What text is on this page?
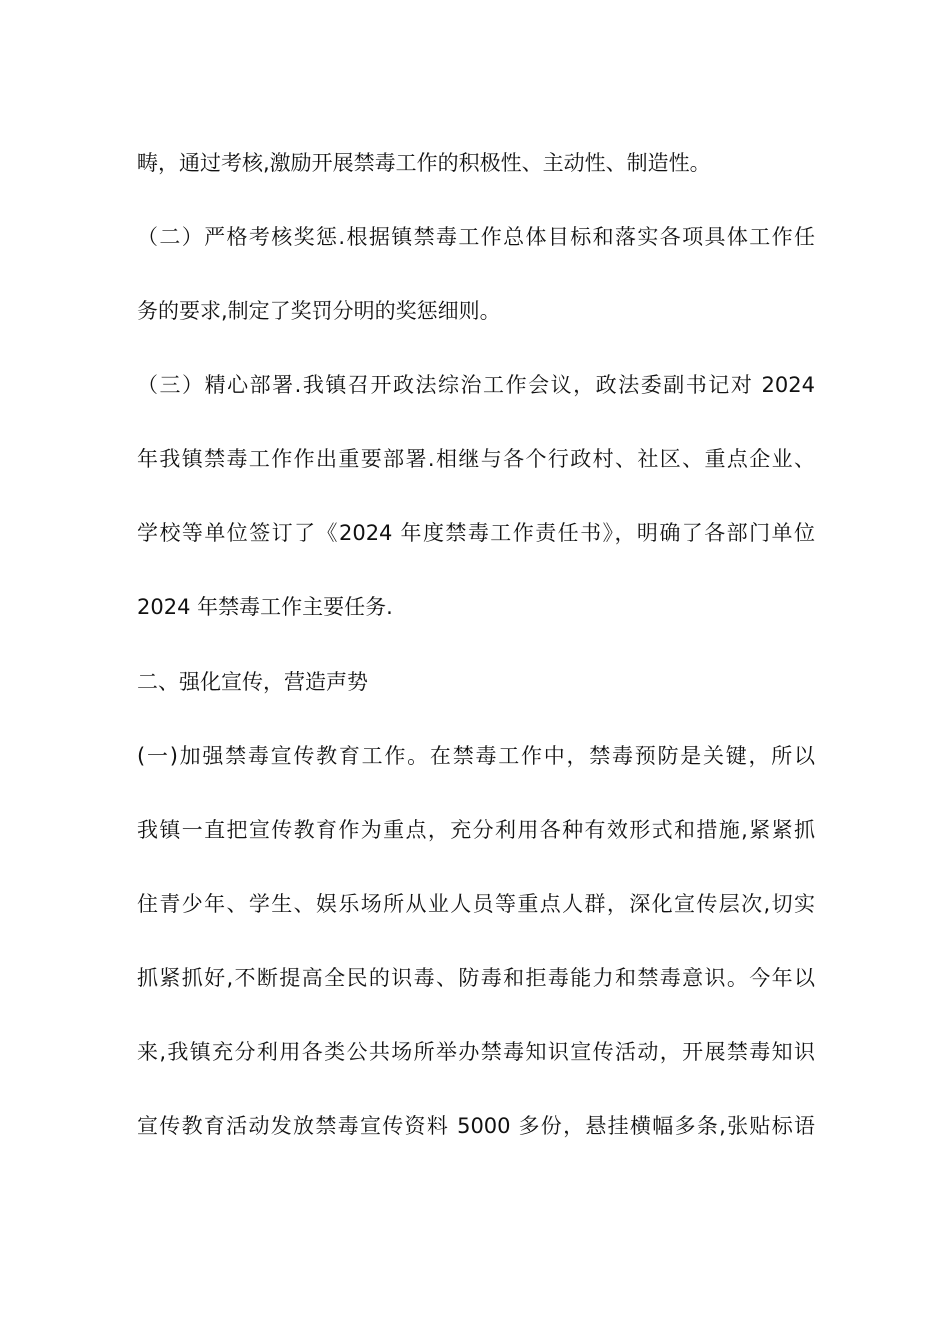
畴，通过考核,激励开展禁毒工作的积极性、主动性、制造性。

（二）严格考核奖惩.根据镇禁毒工作总体目标和落实各项具体工作任

务的要求,制定了奖罚分明的奖惩细则。

（三）精心部署.我镇召开政法综治工作会议，政法委副书记对 2024

年我镇禁毒工作作出重要部署.相继与各个行政村、社区、重点企业、

学校等单位签订了《2024 年度禁毒工作责任书》，明确了各部门单位

2024 年禁毒工作主要任务.

二、强化宣传，营造声势

(一)加强禁毒宣传教育工作。在禁毒工作中，禁毒预防是关键，所以

我镇一直把宣传教育作为重点，充分利用各种有效形式和措施,紧紧抓

住青少年、学生、娱乐场所从业人员等重点人群，深化宣传层次,切实

抓紧抓好,不断提高全民的识毒、防毒和拒毒能力和禁毒意识。今年以

来,我镇充分利用各类公共场所举办禁毒知识宣传活动，开展禁毒知识

宣传教育活动发放禁毒宣传资料 5000 多份，悬挂横幅多条,张贴标语
